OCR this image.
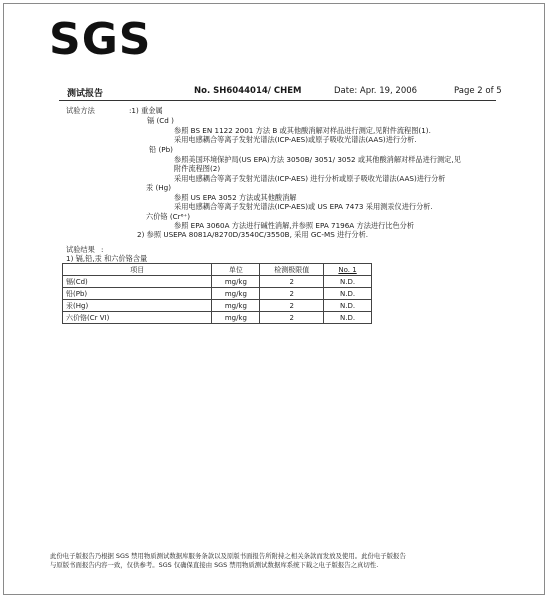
SGS
测试报告	No. SH6044014/ CHEM	Date: Apr. 19, 2006	Page 2 of 5
试验方法	:1) 重金属
镉 (Cd )
参照 BS EN 1122 2001 方法 B 或其他酸消解对样品进行测定,见附件流程图(1).
采用电感耦合等离子发射光谱法(ICP-AES)或原子吸收光谱法(AAS)进行分析.
铅 (Pb)
参照美国环境保护局(US EPA)方法 3050B/ 3051/ 3052 或其他酸消解对样品进行测定,见
附件流程图(2)
采用电感耦合等离子发射光谱法(ICP-AES) 进行分析或原子吸收光谱法(AAS)进行分析
汞 (Hg)
参照 US EPA 3052 方法或其他酸消解
采用电感耦合等离子发射光谱法(ICP-AES)或 US EPA 7473 采用测汞仪进行分析.
六价铬 (Cr⁶⁺)
参照 EPA 3060A 方法进行碱性消解,并参照 EPA 7196A 方法进行比色分析
2) 参照 USEPA 8081A/8270D/3540C/3550B, 采用 GC-MS 进行分析.
试验结果 :
1) 镉,铅,汞 和六价铬含量
项目	单位	检测极限值	No. 1
镉(Cd)	mg/kg	2	N.D.
铅(Pb)	mg/kg	2	N.D.
汞(Hg)	mg/kg	2	N.D.
六价铬(Cr VI)	mg/kg	2	N.D.
此份电子版报告乃根据 SGS 禁用物质测试数据库服务条款以及原版书面报告所附持之相关条款而发放及使用。此份电子版报告
与原版书面报告内容一致，仅供参考。SGS 仅确保直接由 SGS 禁用物质测试数据库系统下载之电子版报告之真切性.
